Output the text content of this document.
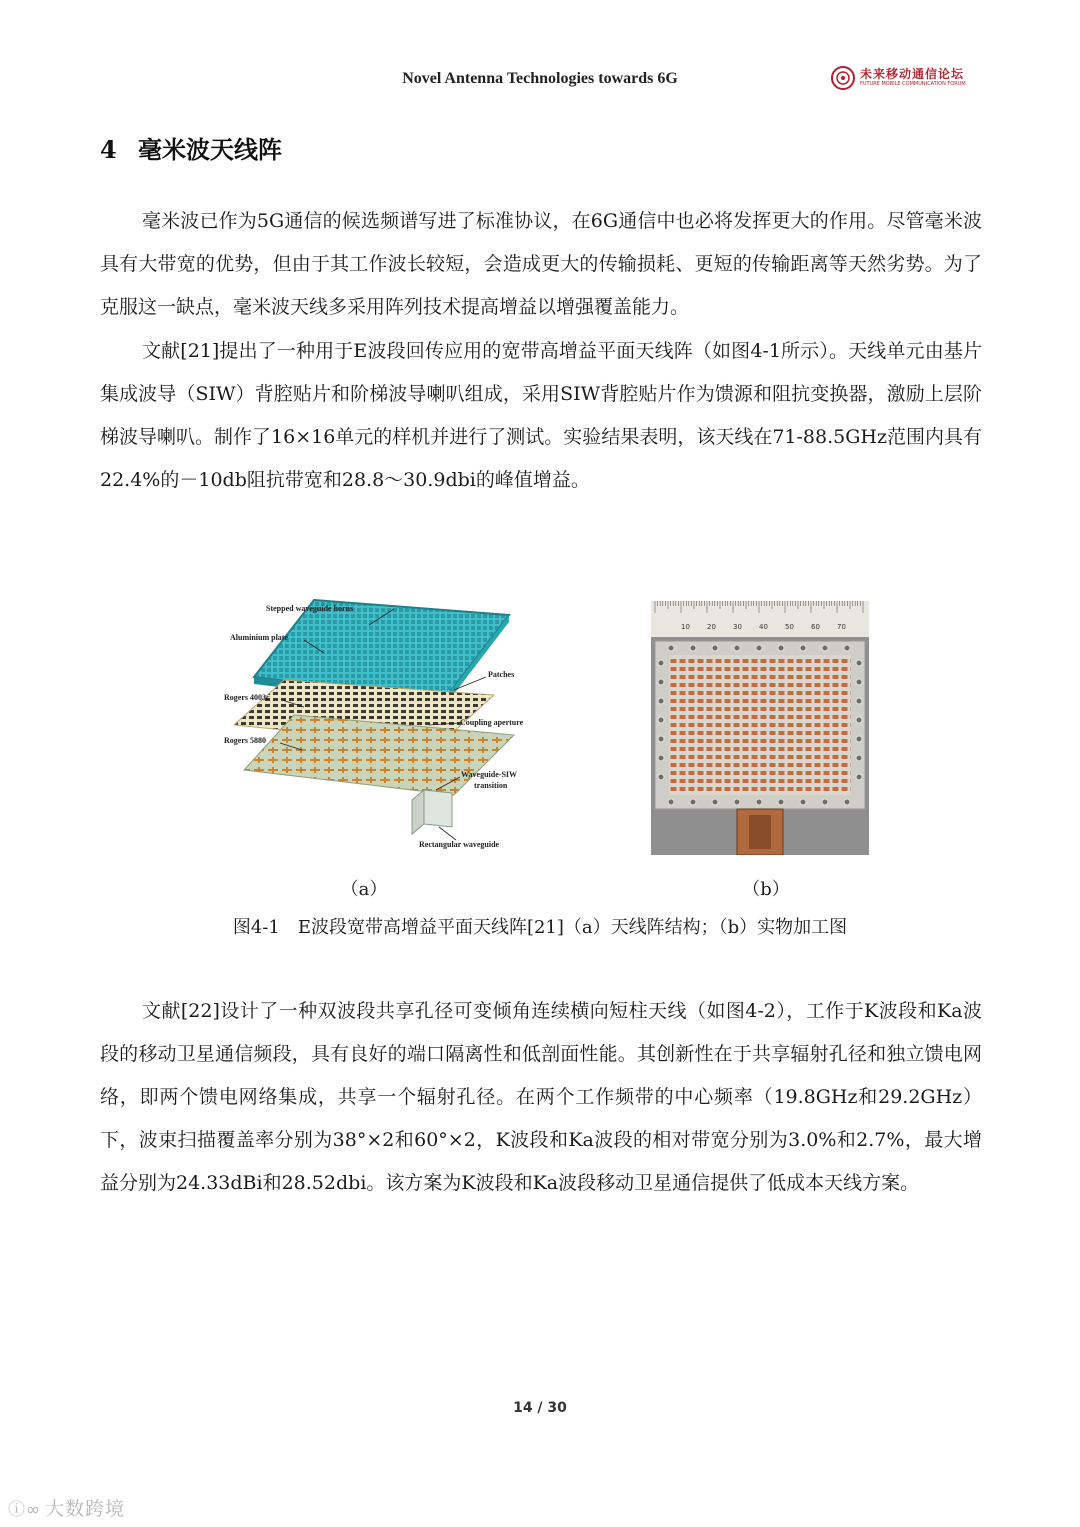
Novel Antenna Technologies towards 6G	未来移动通信论坛
FUTURE MOBILE COMMUNICATION FORUM
4 毫米波天线阵

毫米波已作为5G通信的候选频谱写进了标准协议，在6G通信中也必将发挥更大的作用。尽管毫米波具有大带宽的优势，但由于其工作波长较短，会造成更大的传输损耗、更短的传输距离等天然劣势。为了克服这一缺点，毫米波天线多采用阵列技术提高增益以增强覆盖能力。

文献[21]提出了一种用于E波段回传应用的宽带高增益平面天线阵（如图4-1所示）。天线单元由基片集成波导（SIW）背腔贴片和阶梯波导喇叭组成，采用SIW背腔贴片作为馈源和阻抗变换器，激励上层阶梯波导喇叭。制作了16×16单元的样机并进行了测试。实验结果表明，该天线在71-88.5GHz范围内具有22.4%的－10db阻抗带宽和28.8～30.9dbi的峰值增益。

Stepped waveguide horns
Aluminium plate
Patches
Rogers 4003c
Coupling aperture
Rogers 5880
Waveguide-SIW
transition
Rectangular waveguide
10 20 30 40 50 60 70
（a）	（b）
图4-1　E波段宽带高增益平面天线阵[21]（a）天线阵结构；（b）实物加工图

文献[22]设计了一种双波段共享孔径可变倾角连续横向短柱天线（如图4-2），工作于K波段和Ka波段的移动卫星通信频段，具有良好的端口隔离性和低剖面性能。其创新性在于共享辐射孔径和独立馈电网络，即两个馈电网络集成，共享一个辐射孔径。在两个工作频带的中心频率（19.8GHz和29.2GHz）下，波束扫描覆盖率分别为38°×2和60°×2，K波段和Ka波段的相对带宽分别为3.0%和2.7%，最大增益分别为24.33dBi和28.52dbi。该方案为K波段和Ka波段移动卫星通信提供了低成本天线方案。

14 / 30
ⓘ∞ 大数跨境
